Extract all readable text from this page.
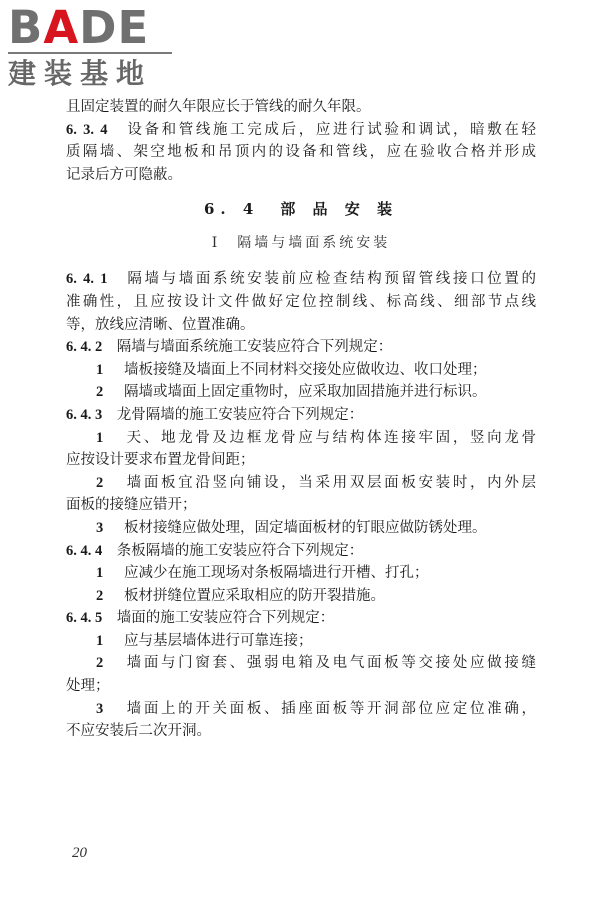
BADE
建装基地
且固定装置的耐久年限应长于管线的耐久年限。
6. 3. 4　 设备和管线施工完成后，应进行试验和调试，暗敷在轻
质隔墙、架空地板和吊顶内的设备和管线，应在验收合格并形成
记录后方可隐蔽。
6. 4　部 品 安 装
Ⅰ　隔墙与墙面系统安装
6. 4. 1　 隔墙与墙面系统安装前应检查结构预留管线接口位置的
准确性，且应按设计文件做好定位控制线、标高线、细部节点线
等，放线应清晰、位置准确。
6. 4. 2　 隔墙与墙面系统施工安装应符合下列规定：
1 墙板接缝及墙面上不同材料交接处应做收边、收口处理；
2 隔墙或墙面上固定重物时，应采取加固措施并进行标识。
6. 4. 3　 龙骨隔墙的施工安装应符合下列规定：
1 天、地龙骨及边框龙骨应与结构体连接牢固，竖向龙骨
应按设计要求布置龙骨间距；
2 墙面板宜沿竖向铺设，当采用双层面板安装时，内外层
面板的接缝应错开；
3 板材接缝应做处理，固定墙面板材的钉眼应做防锈处理。
6. 4. 4　 条板隔墙的施工安装应符合下列规定：
1 应减少在施工现场对条板隔墙进行开槽、打孔；
2 板材拼缝位置应采取相应的防开裂措施。
6. 4. 5　 墙面的施工安装应符合下列规定：
1 应与基层墙体进行可靠连接；
2 墙面与门窗套、强弱电箱及电气面板等交接处应做接缝
处理；
3 墙面上的开关面板、插座面板等开洞部位应定位准确，
不应安装后二次开洞。
20
